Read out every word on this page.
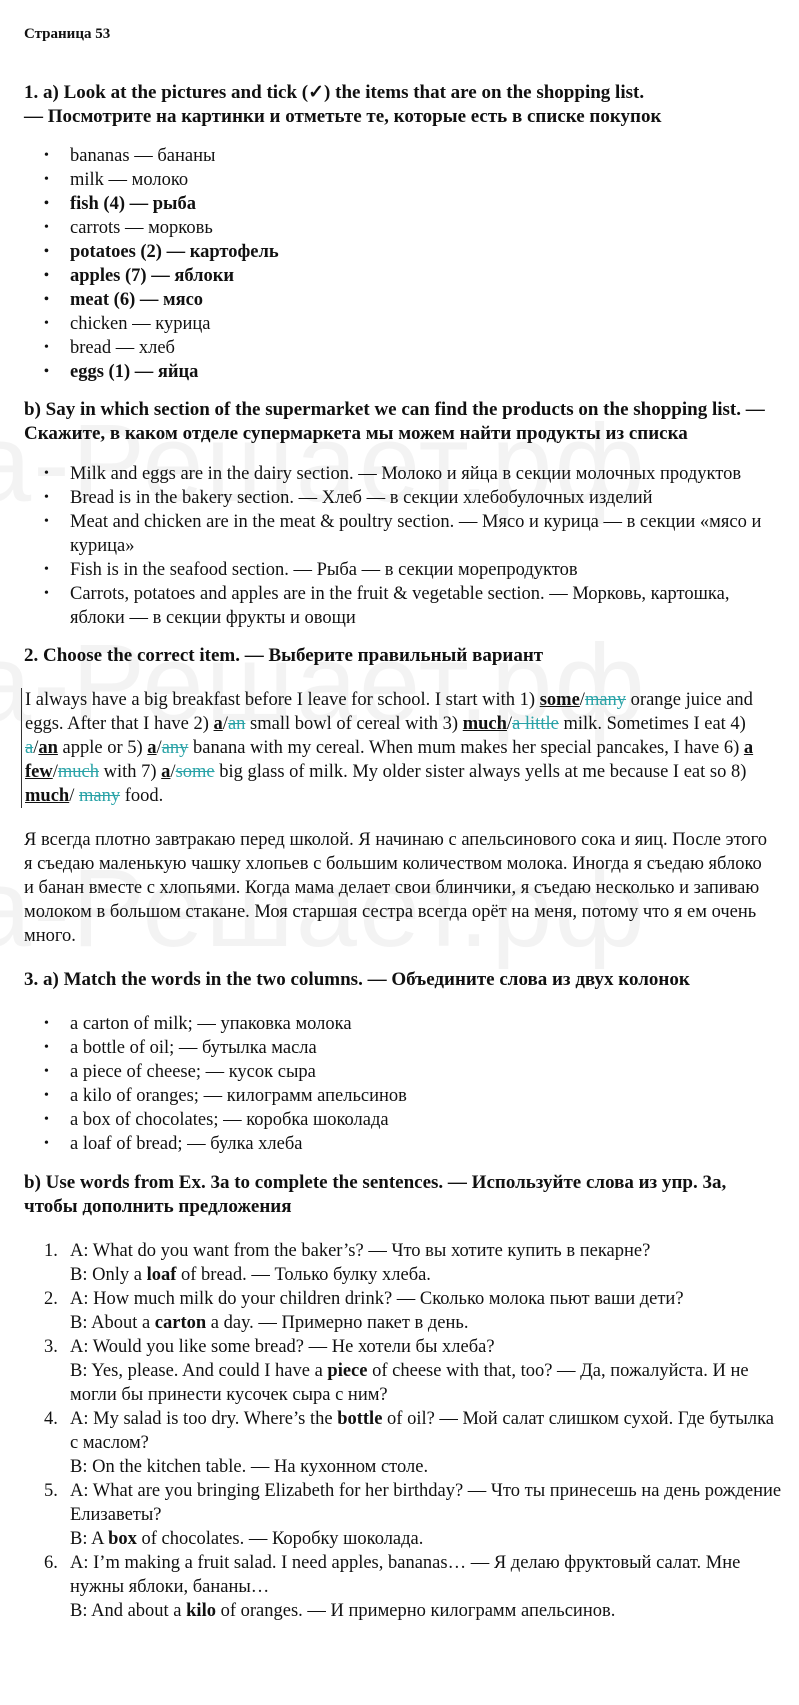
Страница 53
1. a) Look at the pictures and tick (✓) the items that are on the shopping list.
— Посмотрите на картинки и отметьте те, которые есть в списке покупок
• bananas — бананы
• milk — молоко
• fish (4) — рыба
• carrots — морковь
• potatoes (2) — картофель
• apples (7) — яблоки
• meat (6) — мясо
• chicken — курица
• bread — хлеб
• eggs (1) — яйца
b) Say in which section of the supermarket we can find the products on the shopping list. — Скажите, в каком отделе супермаркета мы можем найти продукты из списка
• Milk and eggs are in the dairy section. — Молоко и яйца в секции молочных продуктов
• Bread is in the bakery section. — Хлеб — в секции хлебобулочных изделий
• Meat and chicken are in the meat & poultry section. — Мясо и курица — в секции «мясо и курица»
• Fish is in the seafood section. — Рыба — в секции морепродуктов
• Carrots, potatoes and apples are in the fruit & vegetable section. — Морковь, картошка, яблоки — в секции фрукты и овощи
2. Choose the correct item. — Выберите правильный вариант
I always have a big breakfast before I leave for school. I start with 1) some/many orange juice and eggs. After that I have 2) a/an small bowl of cereal with 3) much/a little milk. Sometimes I eat 4) a/an apple or 5) a/any banana with my cereal. When mum makes her special pancakes, I have 6) a few/much with 7) a/some big glass of milk. My older sister always yells at me because I eat so 8) much/ many food.
Я всегда плотно завтракаю перед школой. Я начинаю с апельсинового сока и яиц. После этого я съедаю маленькую чашку хлопьев с большим количеством молока. Иногда я съедаю яблоко и банан вместе с хлопьями. Когда мама делает свои блинчики, я съедаю несколько и запиваю молоком в большом стакане. Моя старшая сестра всегда орёт на меня, потому что я ем очень много.
3. a) Match the words in the two columns. — Объедините слова из двух колонок
• a carton of milk; — упаковка молока
• a bottle of oil; — бутылка масла
• a piece of cheese; — кусок сыра
• a kilo of oranges; — килограмм апельсинов
• a box of chocolates; — коробка шоколада
• a loaf of bread; — булка хлеба
b) Use words from Ex. 3a to complete the sentences. — Используйте слова из упр. 3a, чтобы дополнить предложения
1. A: What do you want from the baker’s? — Что вы хотите купить в пекарне?
B: Only a loaf of bread. — Только булку хлеба.
2. A: How much milk do your children drink? — Сколько молока пьют ваши дети?
B: About a carton a day. — Примерно пакет в день.
3. A: Would you like some bread? — Не хотели бы хлеба?
B: Yes, please. And could I have a piece of cheese with that, too? — Да, пожалуйста. И не могли бы принести кусочек сыра с ним?
4. A: My salad is too dry. Where’s the bottle of oil? — Мой салат слишком сухой. Где бутылка с маслом?
B: On the kitchen table. — На кухонном столе.
5. A: What are you bringing Elizabeth for her birthday? — Что ты принесешь на день рождение Елизаветы?
B: A box of chocolates. — Коробку шоколада.
6. A: I’m making a fruit salad. I need apples, bananas… — Я делаю фруктовый салат. Мне нужны яблоки, бананы…
B: And about a kilo of oranges. — И примерно килограмм апельсинов.
